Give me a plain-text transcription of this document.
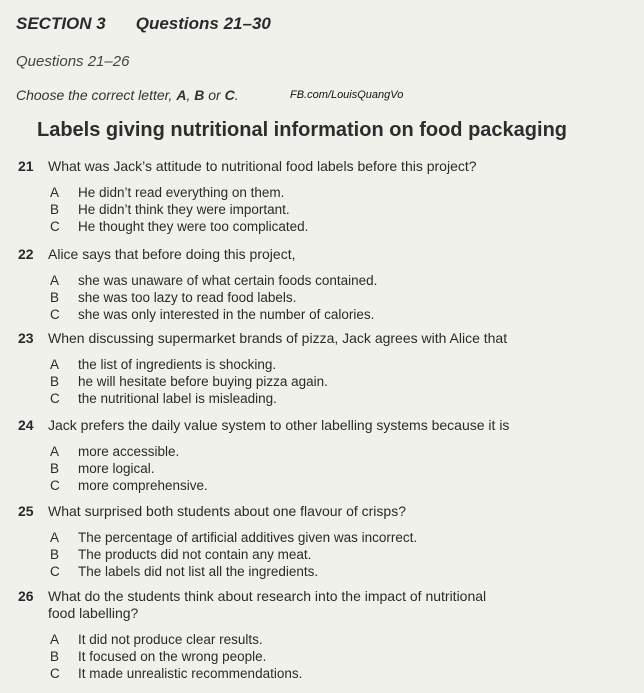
SECTION 3 Questions 21–30
Questions 21–26
Choose the correct letter, A, B or C.	FB.com/LouisQuangVo
Labels giving nutritional information on food packaging
21	What was Jack’s attitude to nutritional food labels before this project?
A	He didn’t read everything on them.
B	He didn’t think they were important.
C	He thought they were too complicated.
22	Alice says that before doing this project,
A	she was unaware of what certain foods contained.
B	she was too lazy to read food labels.
C	she was only interested in the number of calories.
23	When discussing supermarket brands of pizza, Jack agrees with Alice that
A	the list of ingredients is shocking.
B	he will hesitate before buying pizza again.
C	the nutritional label is misleading.
24	Jack prefers the daily value system to other labelling systems because it is
A	more accessible.
B	more logical.
C	more comprehensive.
25	What surprised both students about one flavour of crisps?
A	The percentage of artificial additives given was incorrect.
B	The products did not contain any meat.
C	The labels did not list all the ingredients.
26	What do the students think about research into the impact of nutritional
food labelling?
A	It did not produce clear results.
B	It focused on the wrong people.
C	It made unrealistic recommendations.
